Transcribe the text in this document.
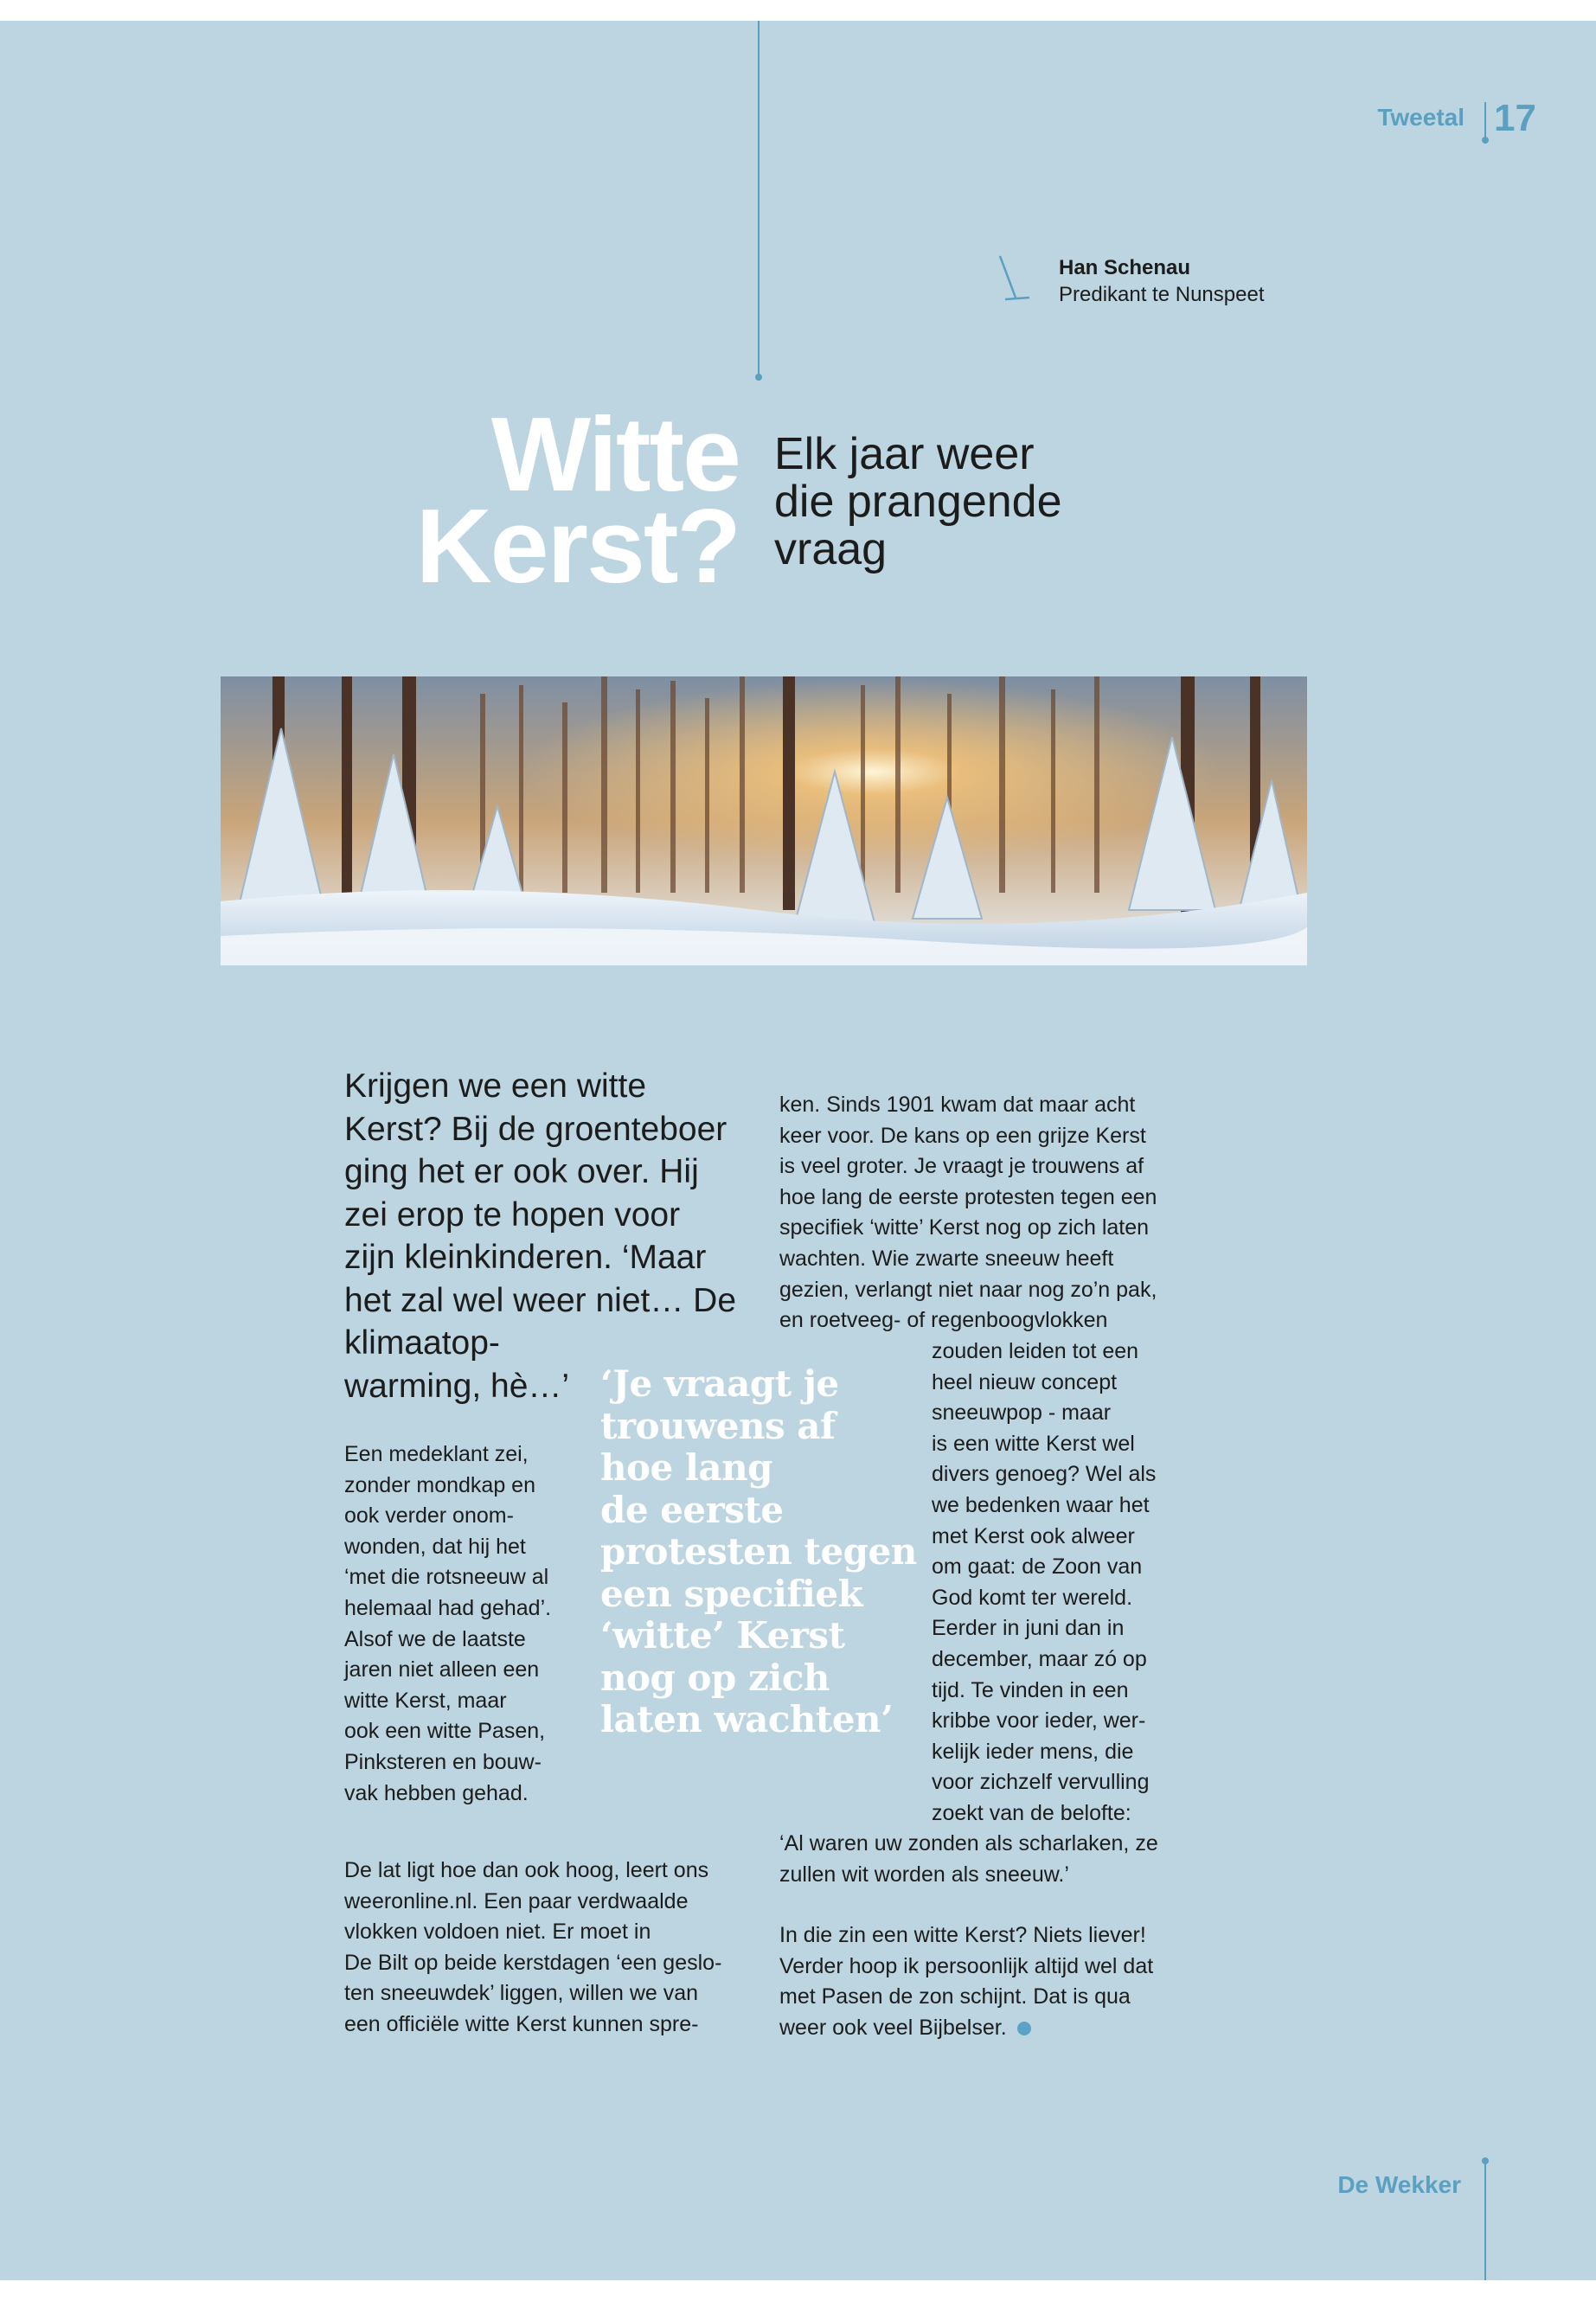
Tweetal 17
Han Schenau
Predikant te Nunspeet
Witte
Kerst?
Elk jaar weer
die prangende
vraag
Krijgen we een witte
Kerst? Bij de groenteboer
ging het er ook over. Hij
zei erop te hopen voor
zijn kleinkinderen. ‘Maar
het zal wel weer niet… De
klimaatop-
warming, hè…’
Een medeklant zei,
zonder mondkap en
ook verder onom-
wonden, dat hij het
‘met die rotsneeuw al
helemaal had gehad’.
Alsof we de laatste
jaren niet alleen een
witte Kerst, maar
ook een witte Pasen,
Pinksteren en bouw-
vak hebben gehad.
De lat ligt hoe dan ook hoog, leert ons
weeronline.nl. Een paar verdwaalde
vlokken voldoen niet. Er moet in
De Bilt op beide kerstdagen ‘een geslo-
ten sneeuwdek’ liggen, willen we van
een officiële witte Kerst kunnen spre-
ken. Sinds 1901 kwam dat maar acht
keer voor. De kans op een grijze Kerst
is veel groter. Je vraagt je trouwens af
hoe lang de eerste protesten tegen een
specifiek ‘witte’ Kerst nog op zich laten
wachten. Wie zwarte sneeuw heeft
gezien, verlangt niet naar nog zo’n pak,
en roetveeg- of regenboogvlokken
zouden leiden tot een
heel nieuw concept
sneeuwpop - maar
is een witte Kerst wel
divers genoeg? Wel als
we bedenken waar het
met Kerst ook alweer
om gaat: de Zoon van
God komt ter wereld.
Eerder in juni dan in
december, maar zó op
tijd. Te vinden in een
kribbe voor ieder, wer-
kelijk ieder mens, die
voor zichzelf vervulling
zoekt van de belofte:
‘Al waren uw zonden als scharlaken, ze
zullen wit worden als sneeuw.’
In die zin een witte Kerst? Niets liever!
Verder hoop ik persoonlijk altijd wel dat
met Pasen de zon schijnt. Dat is qua
weer ook veel Bijbelser.
‘Je vraagt je
trouwens af
hoe lang
de eerste
protesten tegen
een specifiek
‘witte’ Kerst
nog op zich
laten wachten’
De Wekker
